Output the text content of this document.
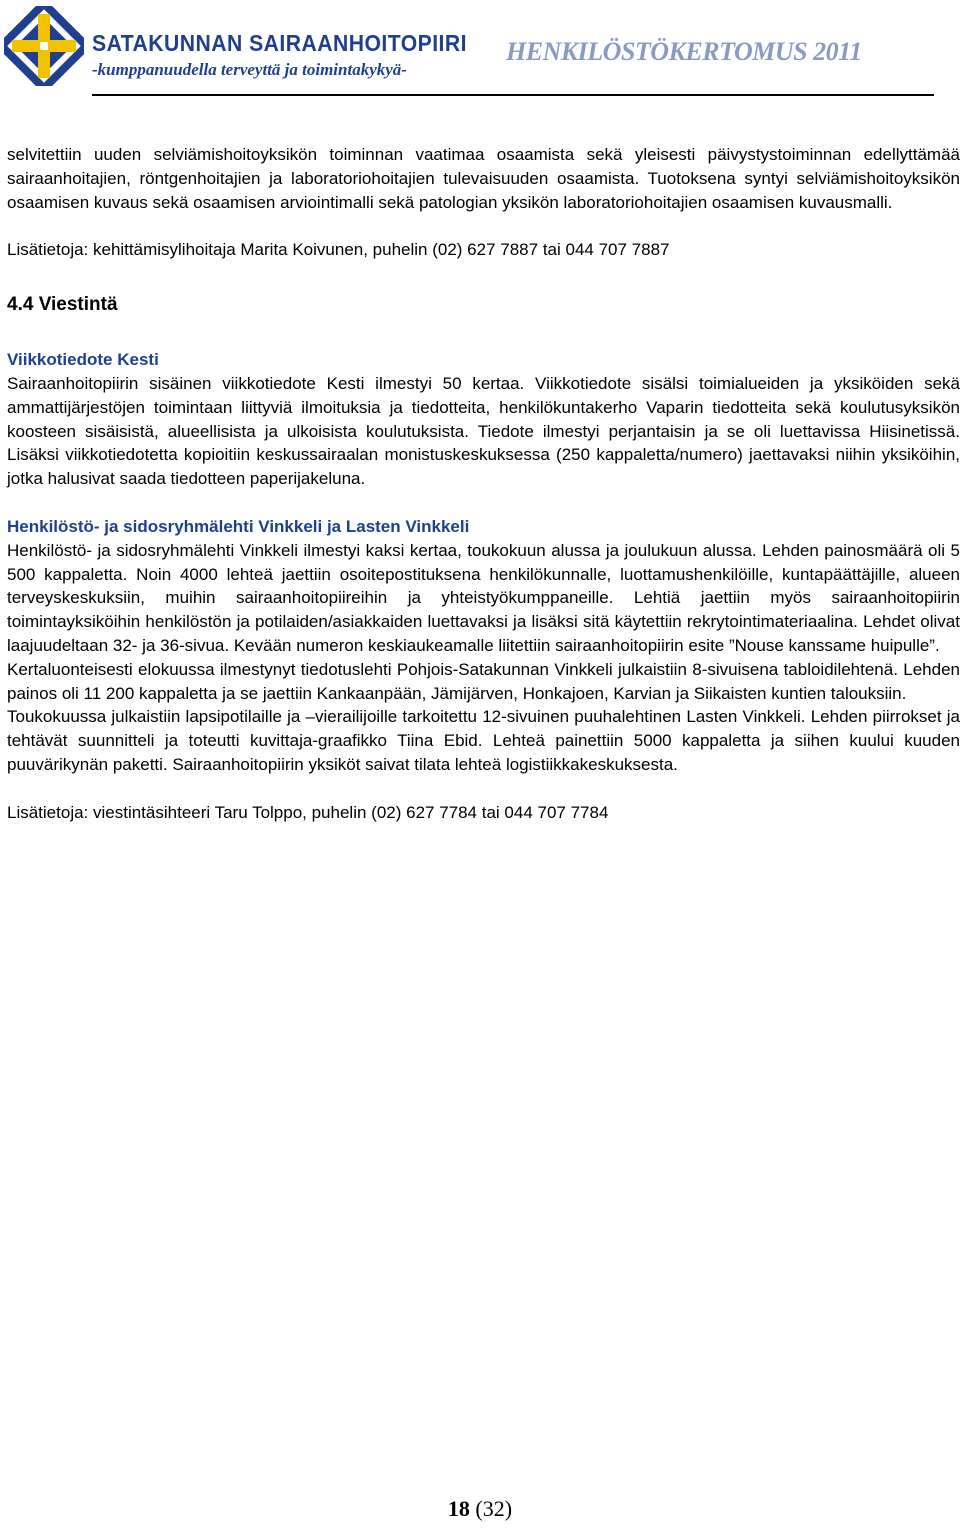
SATAKUNNAN SAIRAANHOITOPIIRI
-kumppanuudella terveyttä ja toimintakykyä-
HENKILÖSTÖKERTOMUS 2011

selvitettiin uuden selviämishoitoyksikön toiminnan vaatimaa osaamista sekä yleisesti päivystystoiminnan edellyttämää sairaanhoitajien, röntgenhoitajien ja laboratoriohoitajien tulevaisuuden osaamista. Tuotoksena syntyi selviämishoitoyksikön osaamisen kuvaus sekä osaamisen arviointimalli sekä patologian yksikön laboratoriohoitajien osaamisen kuvausmalli.

Lisätietoja: kehittämisylihoitaja Marita Koivunen, puhelin (02) 627 7887 tai 044 707 7887

4.4 Viestintä

Viikkotiedote Kesti

Sairaanhoitopiirin sisäinen viikkotiedote Kesti ilmestyi 50 kertaa. Viikkotiedote sisälsi toimialueiden ja yksiköiden sekä ammattijärjestöjen toimintaan liittyviä ilmoituksia ja tiedotteita, henkilökuntakerho Vaparin tiedotteita sekä koulutusyksikön koosteen sisäisistä, alueellisista ja ulkoisista koulutuksista. Tiedote ilmestyi perjantaisin ja se oli luettavissa Hiisinetissä. Lisäksi viikkotiedotetta kopioitiin keskussairaalan monistuskeskuksessa (250 kappaletta/numero) jaettavaksi niihin yksiköihin, jotka halusivat saada tiedotteen paperijakeluna.

Henkilöstö- ja sidosryhmälehti Vinkkeli ja Lasten Vinkkeli

Henkilöstö- ja sidosryhmälehti Vinkkeli ilmestyi kaksi kertaa, toukokuun alussa ja joulukuun alussa. Lehden painosmäärä oli 5 500 kappaletta. Noin 4000 lehteä jaettiin osoitepostituksena henkilökunnalle, luottamushenkilöille, kuntapäättäjille, alueen terveyskeskuksiin, muihin sairaanhoitopiireihin ja yhteistyökumppaneille. Lehtiä jaettiin myös sairaanhoitopiirin toimintayksiköihin henkilöstön ja potilaiden/asiakkaiden luettavaksi ja lisäksi sitä käytettiin rekrytointimateriaalina. Lehdet olivat laajuudeltaan 32- ja 36-sivua. Kevään numeron keskiaukeamalle liitettiin sairaanhoitopiirin esite ”Nouse kanssame huipulle”.

Kertaluonteisesti elokuussa ilmestynyt tiedotuslehti Pohjois-Satakunnan Vinkkeli julkaistiin 8-sivuisena tabloidilehtenä. Lehden painos oli 11 200 kappaletta ja se jaettiin Kankaanpään, Jämijärven, Honkajoen, Karvian ja Siikaisten kuntien talouksiin.

Toukokuussa julkaistiin lapsipotilaille ja –vierailijoille tarkoitettu 12-sivuinen puuhalehtinen Lasten Vinkkeli. Lehden piirrokset ja tehtävät suunnitteli ja toteutti kuvittaja-graafikko Tiina Ebid. Lehteä painettiin 5000 kappaletta ja siihen kuului kuuden puuvärikynän paketti. Sairaanhoitopiirin yksiköt saivat tilata lehteä logistiikkakeskuksesta.

Lisätietoja: viestintäsihteeri Taru Tolppo, puhelin (02) 627 7784 tai 044 707 7784

18 (32)
